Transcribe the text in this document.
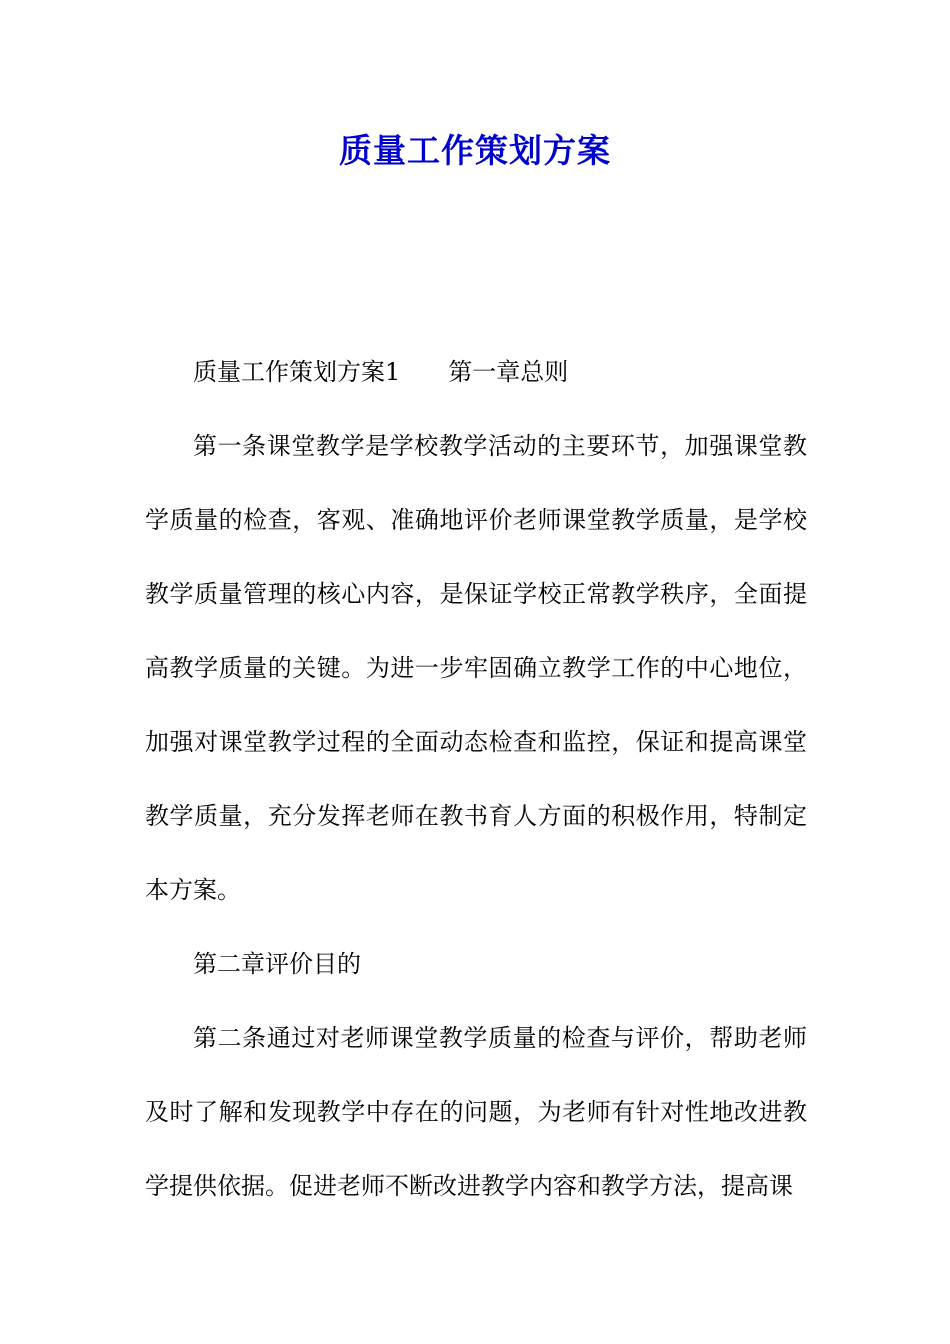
质量工作策划方案

质量工作策划方案1 第一章总则

第一条课堂教学是学校教学活动的主要环节，加强课堂教学质量的检查，客观、准确地评价老师课堂教学质量，是学校教学质量管理的核心内容，是保证学校正常教学秩序，全面提高教学质量的关键。为进一步牢固确立教学工作的中心地位，加强对课堂教学过程的全面动态检查和监控，保证和提高课堂教学质量，充分发挥老师在教书育人方面的积极作用，特制定本方案。

第二章评价目的

第二条通过对老师课堂教学质量的检查与评价，帮助老师及时了解和发现教学中存在的问题，为老师有针对性地改进教学提供依据。促进老师不断改进教学内容和教学方法，提高课
